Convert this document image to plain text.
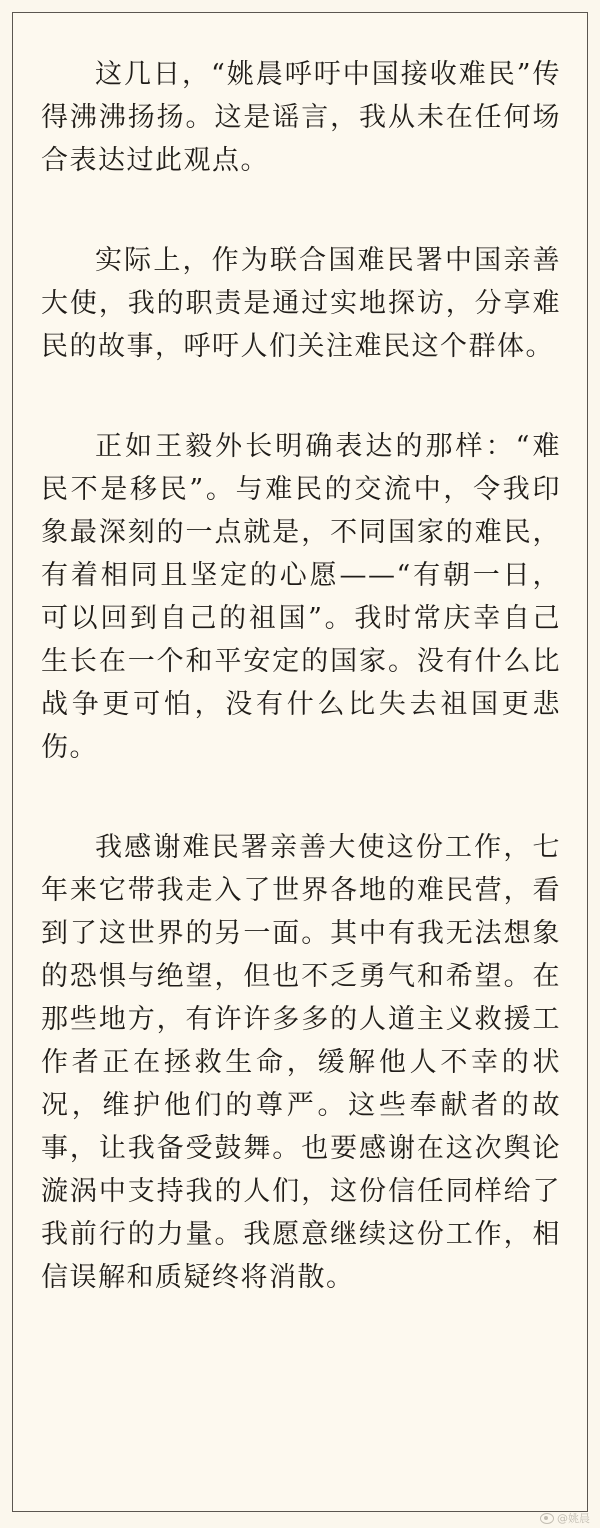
这几日，“姚晨呼吁中国接收难民”传得沸沸扬扬。这是谣言，我从未在任何场合表达过此观点。

实际上，作为联合国难民署中国亲善大使，我的职责是通过实地探访，分享难民的故事，呼吁人们关注难民这个群体。

正如王毅外长明确表达的那样：“难民不是移民”。与难民的交流中，令我印象最深刻的一点就是，不同国家的难民，有着相同且坚定的心愿——“有朝一日，可以回到自己的祖国”。我时常庆幸自己生长在一个和平安定的国家。没有什么比战争更可怕，没有什么比失去祖国更悲伤。

我感谢难民署亲善大使这份工作，七年来它带我走入了世界各地的难民营，看到了这世界的另一面。其中有我无法想象的恐惧与绝望，但也不乏勇气和希望。在那些地方，有许许多多的人道主义救援工作者正在拯救生命，缓解他人不幸的状况，维护他们的尊严。这些奉献者的故事，让我备受鼓舞。也要感谢在这次舆论漩涡中支持我的人们，这份信任同样给了我前行的力量。我愿意继续这份工作，相信误解和质疑终将消散。

@姚晨
